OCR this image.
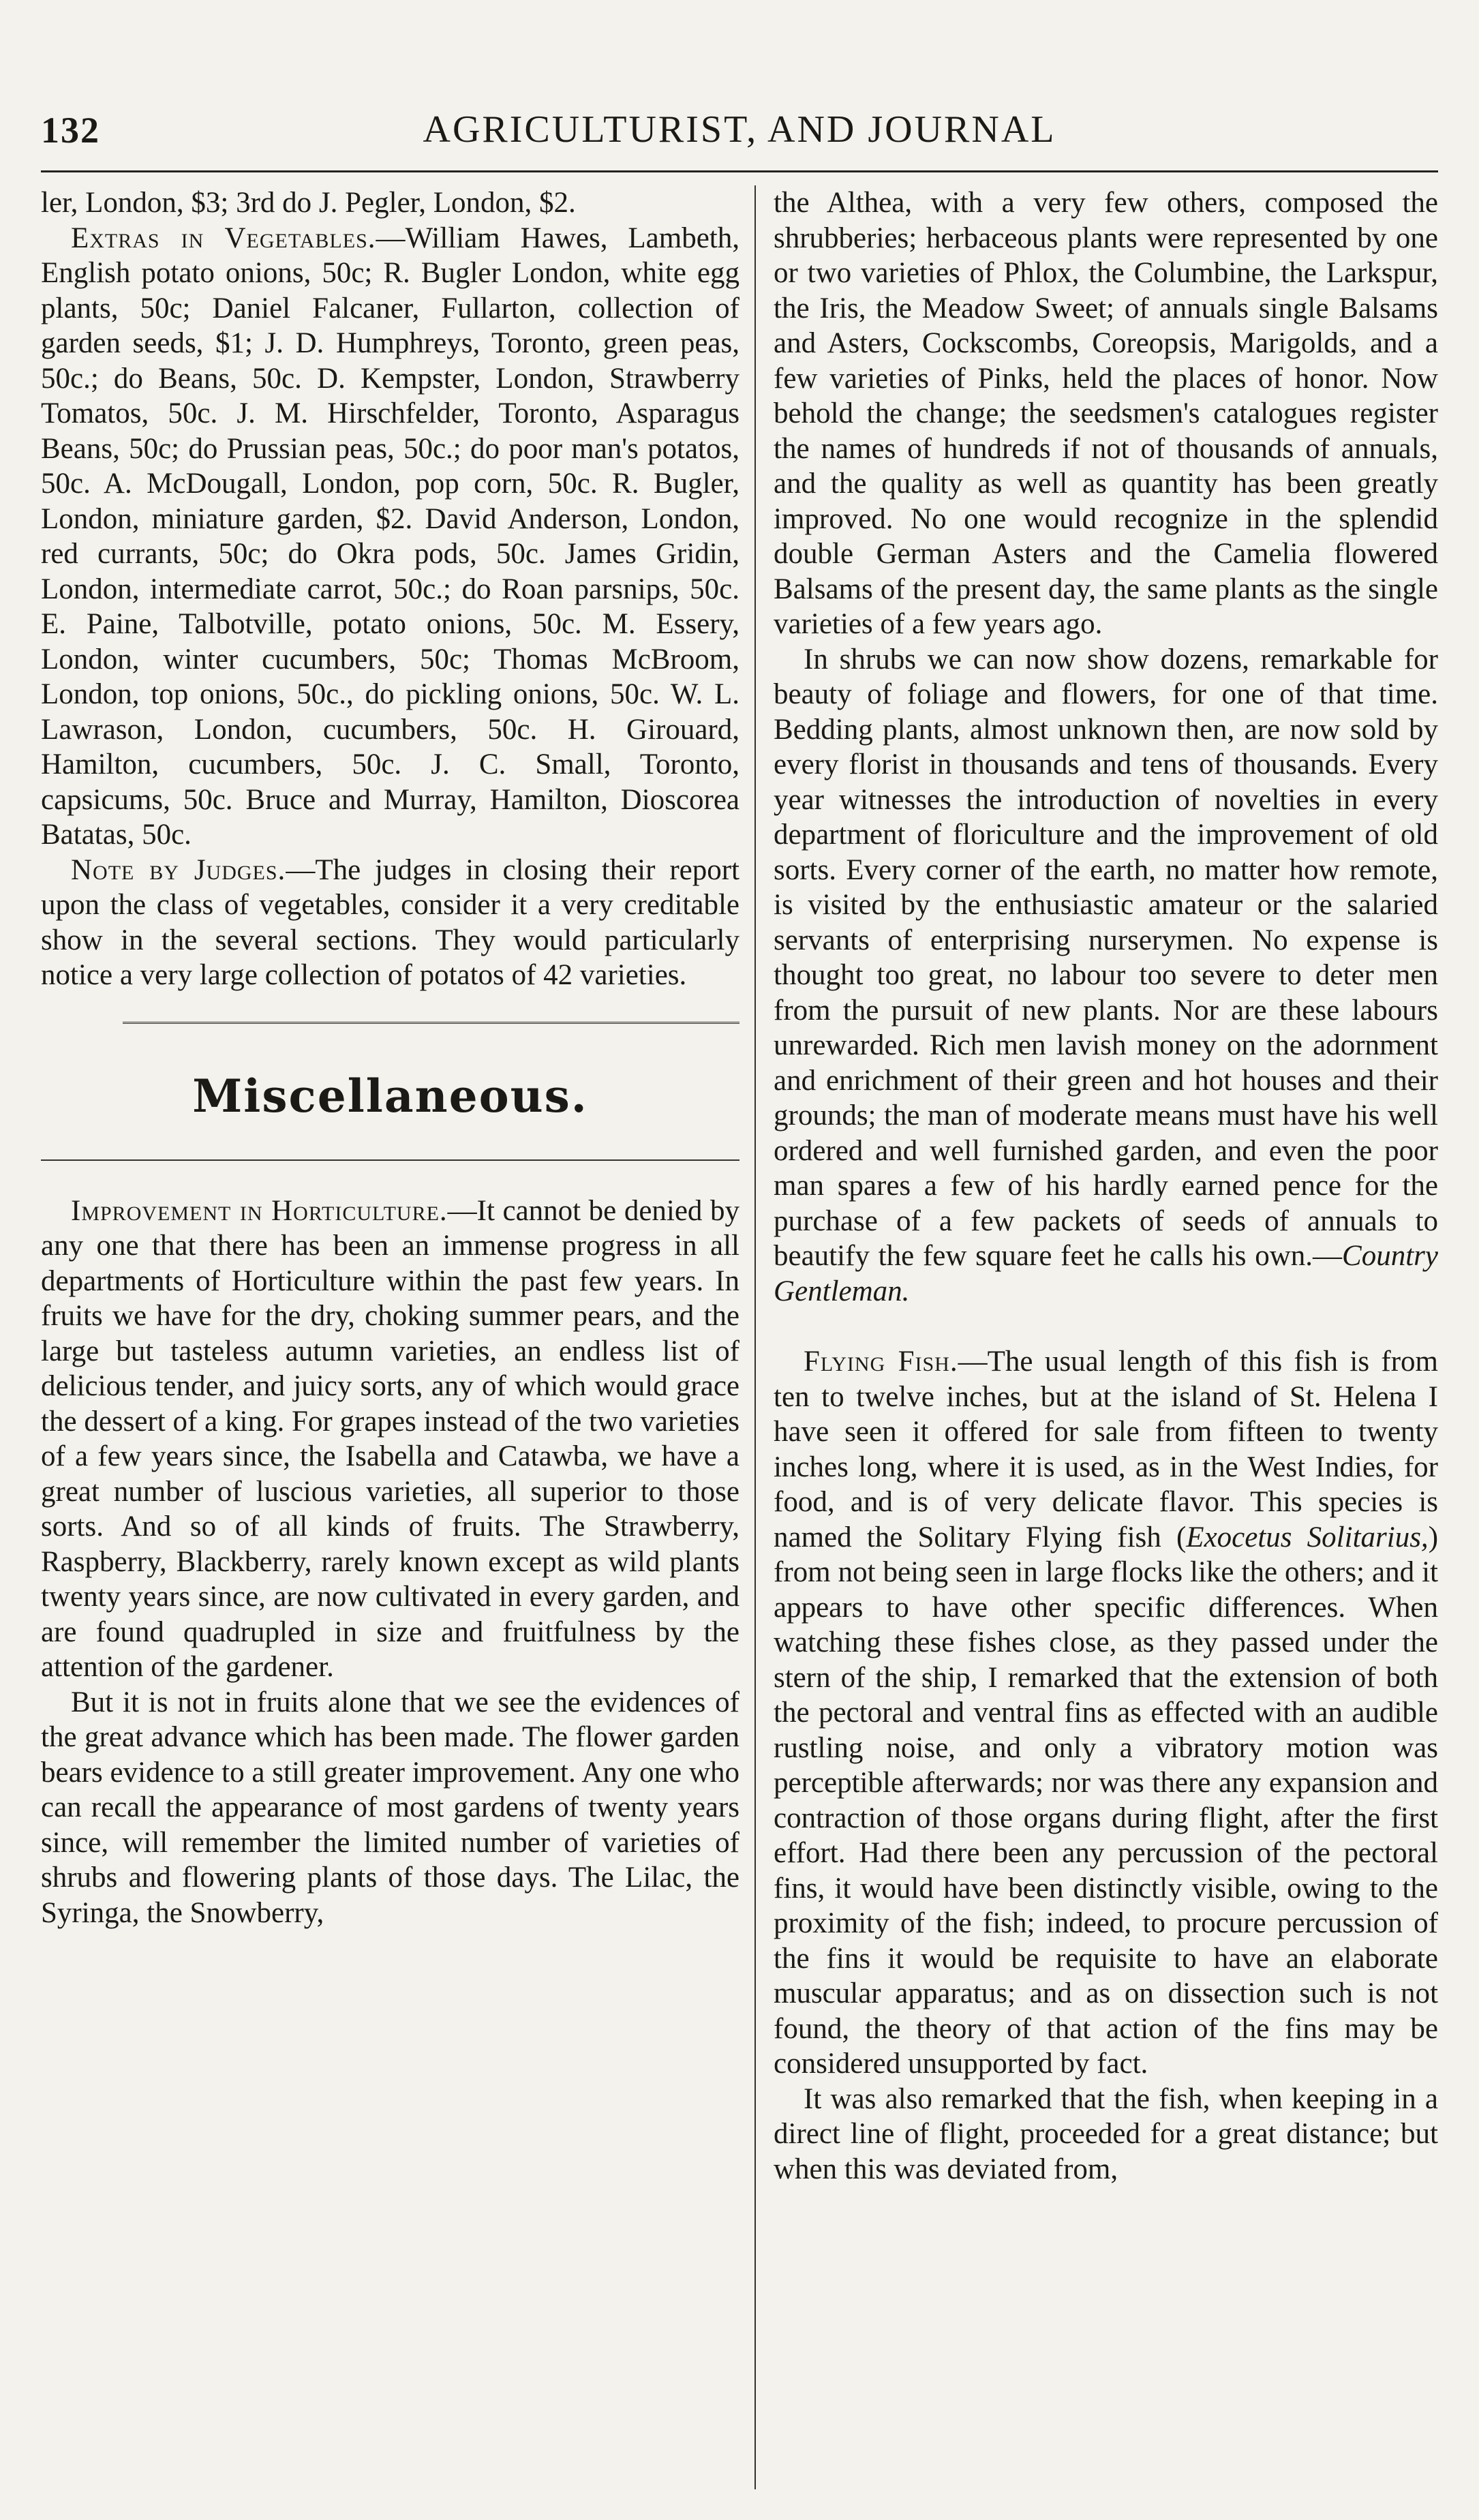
132	AGRICULTURIST, AND JOURNAL

ler, London, $3; 3rd do J. Pegler, London, $2.

Extras in Vegetables.—William Hawes, Lambeth, English potato onions, 50c; R. Bugler London, white egg plants, 50c; Daniel Falcaner, Fullarton, collection of garden seeds, $1; J. D. Humphreys, Toronto, green peas, 50c.; do Beans, 50c. D. Kempster, London, Strawberry Tomatos, 50c. J. M. Hirschfelder, Toronto, Asparagus Beans, 50c; do Prussian peas, 50c.; do poor man's potatos, 50c. A. McDougall, London, pop corn, 50c. R. Bugler, London, miniature garden, $2. David Anderson, London, red currants, 50c; do Okra pods, 50c. James Gridin, London, intermediate carrot, 50c.; do Roan parsnips, 50c. E. Paine, Talbotville, potato onions, 50c. M. Essery, London, winter cucumbers, 50c; Thomas McBroom, London, top onions, 50c., do pickling onions, 50c. W. L. Lawrason, London, cucumbers, 50c. H. Girouard, Hamilton, cucumbers, 50c. J. C. Small, Toronto, capsicums, 50c. Bruce and Murray, Hamilton, Dioscorea Batatas, 50c.

Note by Judges.—The judges in closing their report upon the class of vegetables, consider it a very creditable show in the several sections. They would particularly notice a very large collection of potatos of 42 varieties.

Miscellaneous.

Improvement in Horticulture.—It cannot be denied by any one that there has been an immense progress in all departments of Horticulture within the past few years. In fruits we have for the dry, choking summer pears, and the large but tasteless autumn varieties, an endless list of delicious tender, and juicy sorts, any of which would grace the dessert of a king. For grapes instead of the two varieties of a few years since, the Isabella and Catawba, we have a great number of luscious varieties, all superior to those sorts. And so of all kinds of fruits. The Strawberry, Raspberry, Blackberry, rarely known except as wild plants twenty years since, are now cultivated in every garden, and are found quadrupled in size and fruitfulness by the attention of the gardener.

But it is not in fruits alone that we see the evidences of the great advance which has been made. The flower garden bears evidence to a still greater improvement. Any one who can recall the appearance of most gardens of twenty years since, will remember the limited number of varieties of shrubs and flowering plants of those days. The Lilac, the Syringa, the Snowberry,

the Althea, with a very few others, composed the shrubberies; herbaceous plants were represented by one or two varieties of Phlox, the Columbine, the Larkspur, the Iris, the Meadow Sweet; of annuals single Balsams and Asters, Cockscombs, Coreopsis, Marigolds, and a few varieties of Pinks, held the places of honor. Now behold the change; the seedsmen's catalogues register the names of hundreds if not of thousands of annuals, and the quality as well as quantity has been greatly improved. No one would recognize in the splendid double German Asters and the Camelia flowered Balsams of the present day, the same plants as the single varieties of a few years ago.

In shrubs we can now show dozens, remarkable for beauty of foliage and flowers, for one of that time. Bedding plants, almost unknown then, are now sold by every florist in thousands and tens of thousands. Every year witnesses the introduction of novelties in every department of floriculture and the improvement of old sorts. Every corner of the earth, no matter how remote, is visited by the enthusiastic amateur or the salaried servants of enterprising nurserymen. No expense is thought too great, no labour too severe to deter men from the pursuit of new plants. Nor are these labours unrewarded. Rich men lavish money on the adornment and enrichment of their green and hot houses and their grounds; the man of moderate means must have his well ordered and well furnished garden, and even the poor man spares a few of his hardly earned pence for the purchase of a few packets of seeds of annuals to beautify the few square feet he calls his own.—Country Gentleman.

Flying Fish.—The usual length of this fish is from ten to twelve inches, but at the island of St. Helena I have seen it offered for sale from fifteen to twenty inches long, where it is used, as in the West Indies, for food, and is of very delicate flavor. This species is named the Solitary Flying fish (Exocetus Solitarius,) from not being seen in large flocks like the others; and it appears to have other specific differences. When watching these fishes close, as they passed under the stern of the ship, I remarked that the extension of both the pectoral and ventral fins as effected with an audible rustling noise, and only a vibratory motion was perceptible afterwards; nor was there any expansion and contraction of those organs during flight, after the first effort. Had there been any percussion of the pectoral fins, it would have been distinctly visible, owing to the proximity of the fish; indeed, to procure percussion of the fins it would be requisite to have an elaborate muscular apparatus; and as on dissection such is not found, the theory of that action of the fins may be considered unsupported by fact.

It was also remarked that the fish, when keeping in a direct line of flight, proceeded for a great distance; but when this was deviated from,
